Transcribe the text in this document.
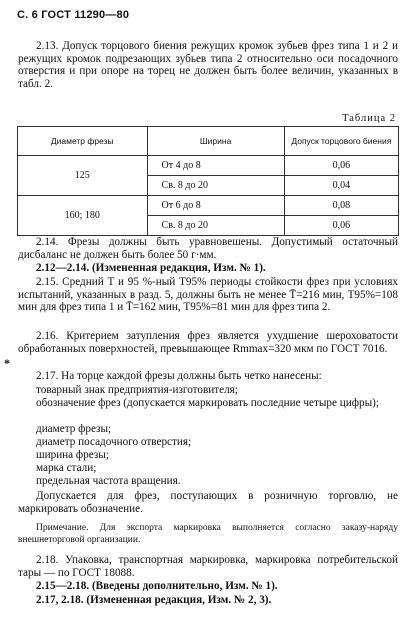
С. 6 ГОСТ 11290—80
2.13. Допуск торцового биения режущих кромок зубьев фрез типа 1 и 2 и режущих кромок подрезающих зубьев типа 2 относительно оси посадочного отверстия и при опоре на торец не должен быть более величин, указанных в табл. 2.
Таблица 2
Диаметр фрезы	Ширина	Допуск торцового биения
125	От 4 до 8	0,06
	Св. 8 до 20	0,04
160; 180	От 6 до 8	0,08
	Св. 8 до 20	0,06
2.14. Фрезы должны быть уравновешены. Допустимый остаточный дисбаланс не должен быть более 50 г·мм.
2.12—2.14. (Измененная редакция, Изм. № 1).
2.15. Средний T и 95 %-ный T95% периоды стойкости фрез при условиях испытаний, указанных в разд. 5, должны быть не менее T̄=216 мин, T95%=108 мин для фрез типа 1 и T̄=162 мин, T95%=81 мин для фрез типа 2.
2.16. Критерием затупления фрез является ухудшение шероховатости обработанных поверхностей, превышающее Rmmax=320 мкм по ГОСТ 7016.
*
2.17. На торце каждой фрезы должны быть четко нанесены:
товарный знак предприятия-изготовителя;
обозначение фрез (допускается маркировать последние четыре цифры);
диаметр фрезы;
диаметр посадочного отверстия;
ширина фрезы;
марка стали;
предельная частота вращения.
Допускается для фрез, поступающих в розничную торговлю, не маркировать обозначение.
Примечание. Для экспорта маркировка выполняется согласно заказу-наряду внешнеторговой организации.
2.18. Упаковка, транспортная маркировка, маркировка потребительской тары — по ГОСТ 18088.
2.15—2.18. (Введены дополнительно, Изм. № 1).
2.17, 2.18. (Измененная редакция, Изм. № 2, 3).
